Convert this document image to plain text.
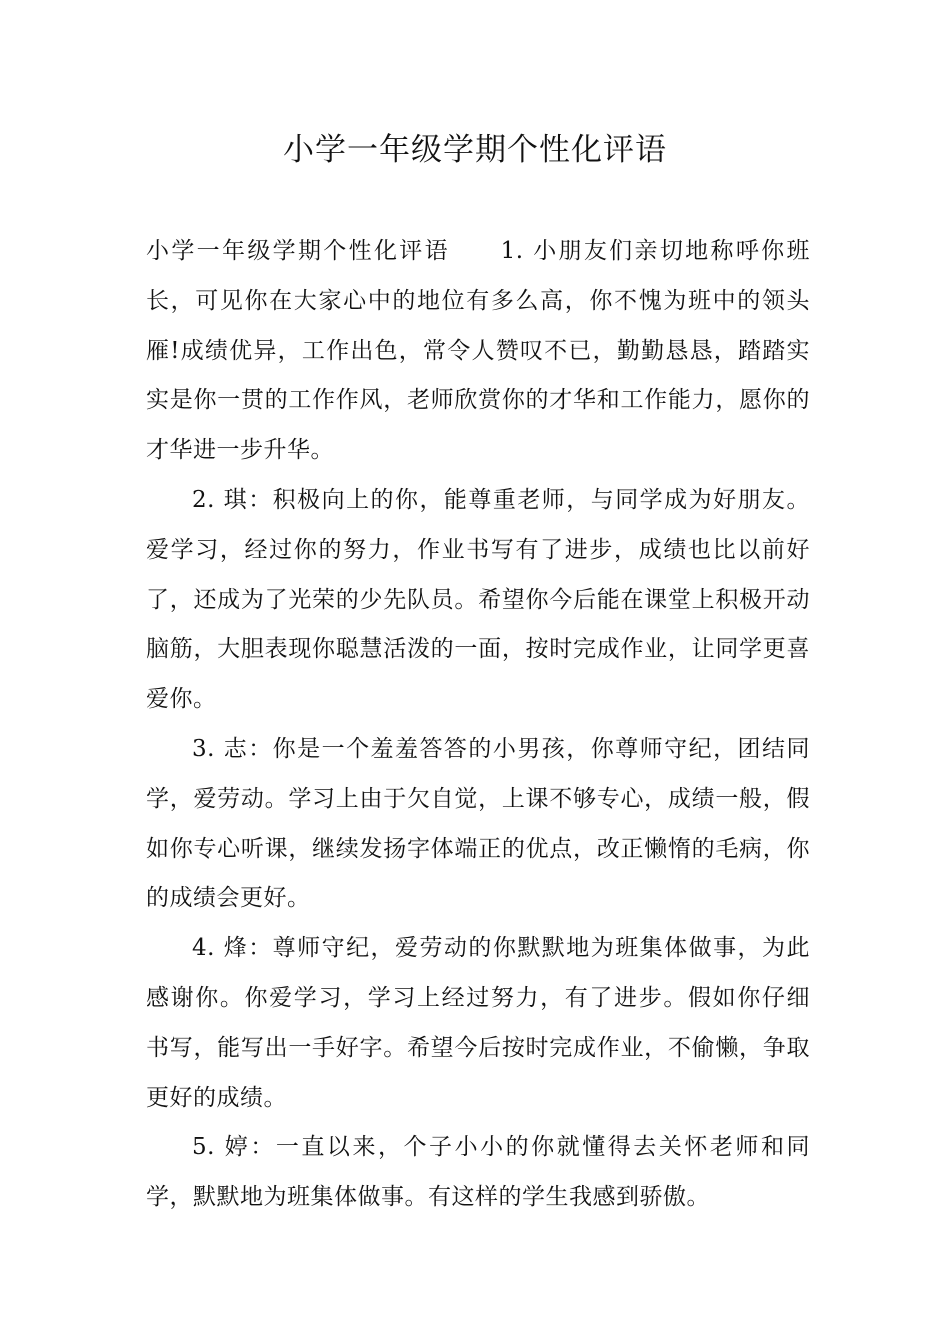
小学一年级学期个性化评语

小学一年级学期个性化评语　　1. 小朋友们亲切地称呼你班长，可见你在大家心中的地位有多么高，你不愧为班中的领头雁!成绩优异，工作出色，常令人赞叹不已，勤勤恳恳，踏踏实实是你一贯的工作作风，老师欣赏你的才华和工作能力，愿你的才华进一步升华。

2. 琪：积极向上的你，能尊重老师，与同学成为好朋友。爱学习，经过你的努力，作业书写有了进步，成绩也比以前好了，还成为了光荣的少先队员。希望你今后能在课堂上积极开动脑筋，大胆表现你聪慧活泼的一面，按时完成作业，让同学更喜爱你。

3. 志：你是一个羞羞答答的小男孩，你尊师守纪，团结同学，爱劳动。学习上由于欠自觉，上课不够专心，成绩一般，假如你专心听课，继续发扬字体端正的优点，改正懒惰的毛病，你的成绩会更好。

4. 烽：尊师守纪，爱劳动的你默默地为班集体做事，为此感谢你。你爱学习，学习上经过努力，有了进步。假如你仔细 书写，能写出一手好字。希望今后按时完成作业，不偷懒，争取更好的成绩。

5. 婷：一直以来，个子小小的你就懂得去关怀老师和同学，默默地为班集体做事。有这样的学生我感到骄傲。
